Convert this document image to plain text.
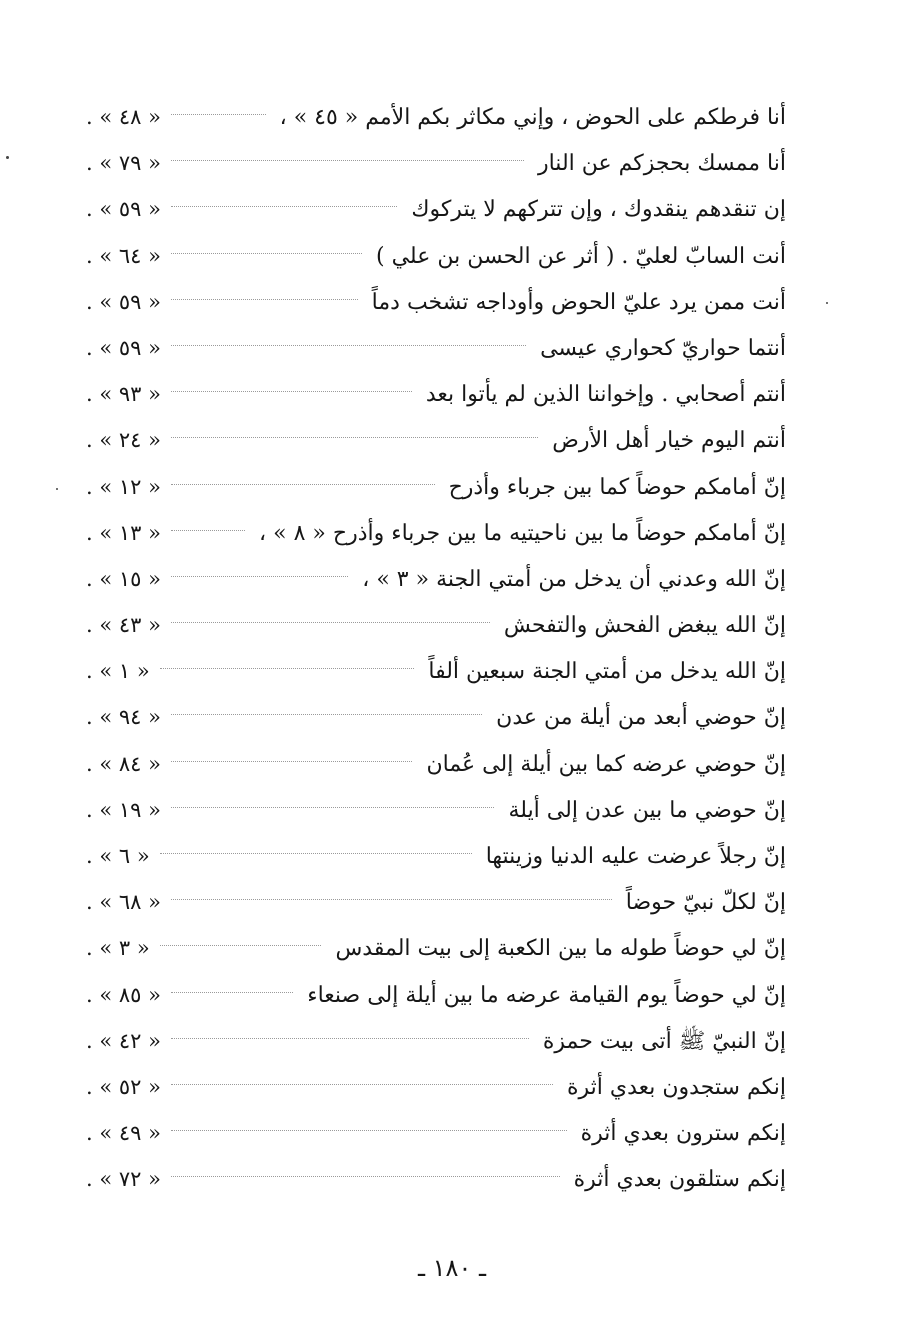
أنا فرطكم على الحوض ، وإني مكاثر بكم الأمم « ٤٥ » ،
« ٤٨ » .
أنا ممسك بحجزكم عن النار
« ٧٩ » .
إن تنقدهم ينقدوك ، وإن تتركهم لا يتركوك
« ٥٩ » .
أنت السابّ لعليّ . ( أثر عن الحسن بن علي )
« ٦٤ » .
أنت ممن يرد عليّ الحوض وأوداجه تشخب دماً
« ٥٩ » .
أنتما حواريّ كحواري عيسى
« ٥٩ » .
أنتم أصحابي . وإخواننا الذين لم يأتوا بعد
« ٩٣ » .
أنتم اليوم خيار أهل الأرض
« ٢٤ » .
إنّ أمامكم حوضاً كما بين جرباء وأذرح
« ١٢ » .
إنّ أمامكم حوضاً ما بين ناحيتيه ما بين جرباء وأذرح « ٨ » ،
« ١٣ » .
إنّ الله وعدني أن يدخل من أمتي الجنة « ٣ » ،
« ١٥ » .
إنّ الله يبغض الفحش والتفحش
« ٤٣ » .
إنّ الله يدخل من أمتي الجنة سبعين ألفاً
« ١ » .
إنّ حوضي أبعد من أيلة من عدن
« ٩٤ » .
إنّ حوضي عرضه كما بين أيلة إلى عُمان
« ٨٤ » .
إنّ حوضي ما بين عدن إلى أيلة
« ١٩ » .
إنّ رجلاً عرضت عليه الدنيا وزينتها
« ٦ » .
إنّ لكلّ نبيّ حوضاً
« ٦٨ » .
إنّ لي حوضاً طوله ما بين الكعبة إلى بيت المقدس
« ٣ » .
إنّ لي حوضاً يوم القيامة عرضه ما بين أيلة إلى صنعاء
« ٨٥ » .
إنّ النبيّ ﷺ أتى بيت حمزة
« ٤٢ » .
إنكم ستجدون بعدي أثرة
« ٥٢ » .
إنكم سترون بعدي أثرة
« ٤٩ » .
إنكم ستلقون بعدي أثرة
« ٧٢ » .
ـ ١٨٠ ـ
